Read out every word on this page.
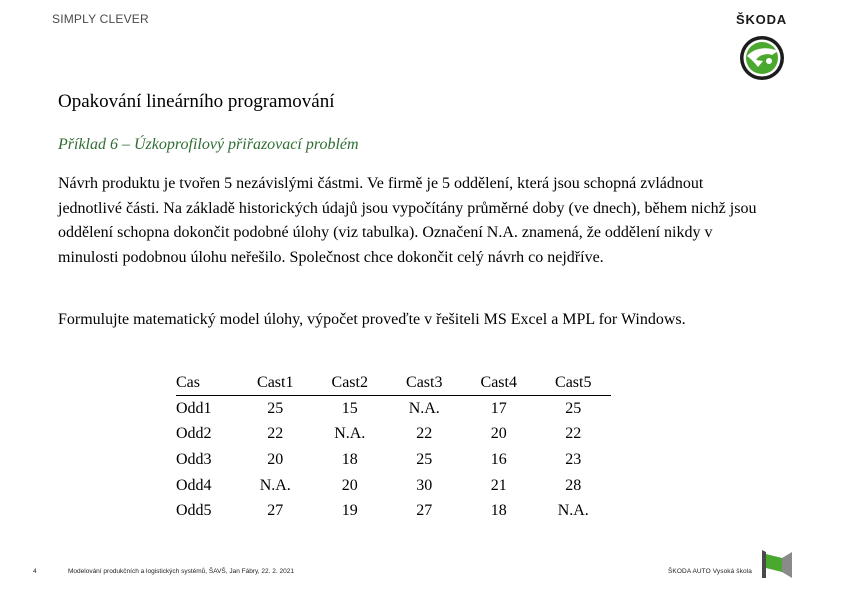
SIMPLY CLEVER	ŠKODA
Opakování lineárního programování
Příklad 6 – Úzkoprofilový přiřazovací problém

Návrh produktu je tvořen 5 nezávislými částmi. Ve firmě je 5 oddělení, která jsou schopná zvládnout jednotlivé části. Na základě historických údajů jsou vypočítány průměrné doby (ve dnech), během nichž jsou oddělení schopna dokončit podobné úlohy (viz tabulka). Označení N.A. znamená, že oddělení nikdy v minulosti podobnou úlohu neřešilo. Společnost chce dokončit celý návrh co nejdříve.

Formulujte matematický model úlohy, výpočet proveďte v řešiteli MS Excel a MPL for Windows.

Cas	Cast1	Cast2	Cast3	Cast4	Cast5
Odd1	25	15	N.A.	17	25
Odd2	22	N.A.	22	20	22
Odd3	20	18	25	16	23
Odd4	N.A.	20	30	21	28
Odd5	27	19	27	18	N.A.
4	Modelování produkčních a logistických systémů, ŠAVŠ, Jan Fábry, 22. 2. 2021	ŠKODA AUTO Vysoká škola
